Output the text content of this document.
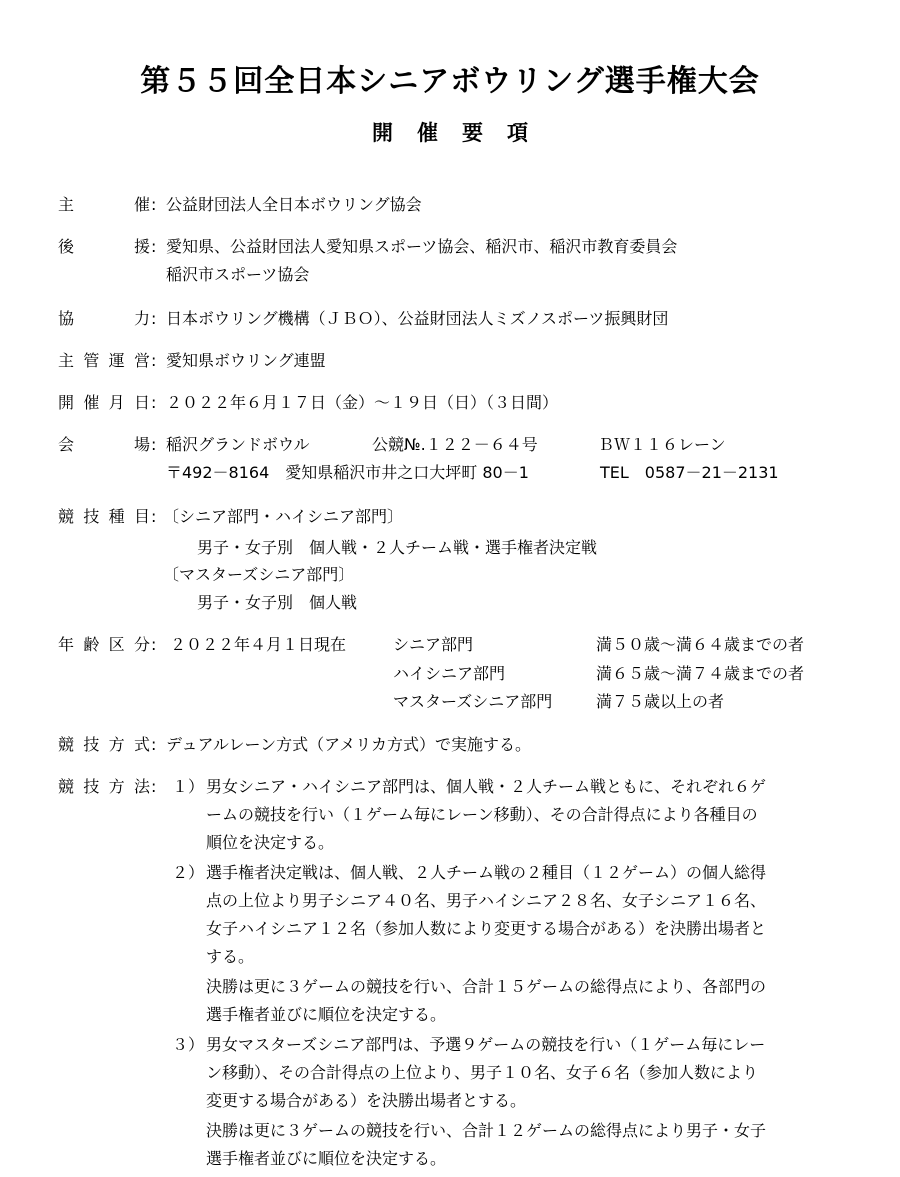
第５５回全日本シニアボウリング選手権大会
開催要項
主	催 : 公益財団法人全日本ボウリング協会
後	援 : 愛知県、公益財団法人愛知県スポーツ協会、稲沢市、稲沢市教育委員会
稲沢市スポーツ協会
協	力 : 日本ボウリング機構（ＪＢＯ）、公益財団法人ミズノスポーツ振興財団
主 管 運 営 : 愛知県ボウリング連盟
開 催 月 日 : ２０２２年６月１７日（金）～１９日（日）（３日間）
会	場 : 稲沢グランドボウル	公競№.１２２－６４号	ＢＷ１１６レーン
〒492－8164　愛知県稲沢市井之口大坪町 80－1	TEL　0587－21－2131
競 技 種 目 : 〔シニア部門・ハイシニア部門〕
男子・女子別　個人戦・２人チーム戦・選手権者決定戦
〔マスターズシニア部門〕
男子・女子別　個人戦
年 齢 区 分 : ２０２２年４月１日現在	シニア部門	満５０歳～満６４歳までの者
ハイシニア部門	満６５歳～満７４歳までの者
マスターズシニア部門	満７５歳以上の者
競 技 方 式 : デュアルレーン方式（アメリカ方式）で実施する。
競 技 方 法 : １） 男女シニア・ハイシニア部門は、個人戦・２人チーム戦ともに、それぞれ６ゲ
ームの競技を行い（１ゲーム毎にレーン移動）、その合計得点により各種目の
順位を決定する。
２） 選手権者決定戦は、個人戦、２人チーム戦の２種目（１２ゲーム）の個人総得
点の上位より男子シニア４０名、男子ハイシニア２８名、女子シニア１６名、
女子ハイシニア１２名（参加人数により変更する場合がある）を決勝出場者と
する。
決勝は更に３ゲームの競技を行い、合計１５ゲームの総得点により、各部門の
選手権者並びに順位を決定する。
３） 男女マスターズシニア部門は、予選９ゲームの競技を行い（１ゲーム毎にレー
ン移動）、その合計得点の上位より、男子１０名、女子６名（参加人数により
変更する場合がある）を決勝出場者とする。
決勝は更に３ゲームの競技を行い、合計１２ゲームの総得点により男子・女子
選手権者並びに順位を決定する。
